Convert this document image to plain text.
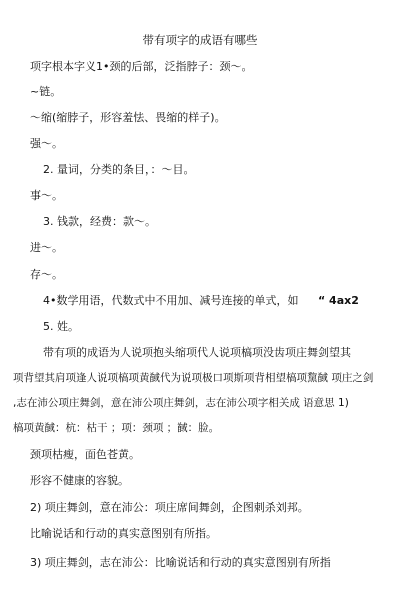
带有项字的成语有哪些
项字根本字义1•颈的后部，泛指脖子：颈～。
~链。
～缩(缩脖子，形容羞怯、畏缩的样子)。
强～。
2. 量词，分类的条目，：～目。
事～。
3. 钱款，经费：款～。
进～。
存～。
4•数学用语，代数式中不用加、减号连接的单式，如 “ 4ax2
5. 姓。
带有项的成语为人说项抱头缩项代人说项槁项没齿项庄舞剑望其
项背望其肩项逢人说项槁项黄馘代为说项极口项斯项背相望槁项黧馘 项庄之剑
,志在沛公项庄舞剑，意在沛公项庄舞剑，志在沛公项字相关成 语意思 1)
槁项黄馘：杭：枯干 ；项：颈项 ；馘：脸。
颈项枯瘦，面色苍黄。
形容不健康的容貌。
2) 项庄舞剑，意在沛公：项庄席间舞剑，企图刺杀刘邦。
比喻说话和行动的真实意图别有所指。
3) 项庄舞剑，志在沛公：比喻说话和行动的真实意图别有所指
